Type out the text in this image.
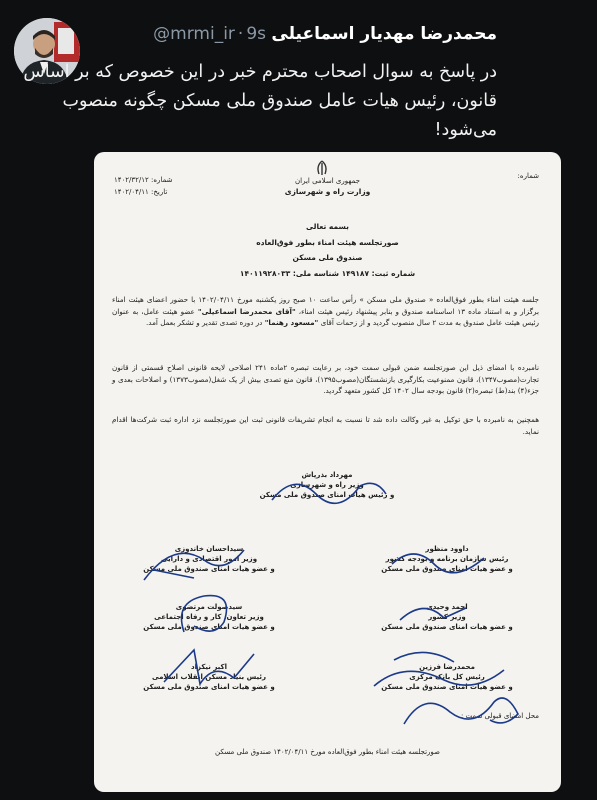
محمدرضا مهدیار اسماعیلی @mrmi_ir · 9s
در پاسخ به سوال اصحاب محترم خبر در این خصوص که بر اساس قانون، رئیس هیات عامل صندوق ملی مسکن چگونه منصوب می‌شود!
شماره:
شماره: ۱۴۰۲/۳۲/۱۲
تاریخ: ۱۴۰۲/۰۴/۱۱
جمهوری اسلامی ایران
وزارت راه و شهرسازی
بسمه تعالی
صورتجلسه هیئت امناء بطور فوق‌العاده
صندوق ملی مسکن
شماره ثبت: ۱۴۹۱۸۷ شناسه ملی: ۱۴۰۱۱۹۲۸۰۳۳
جلسه هیئت امناء بطور فوق‌العاده « صندوق ملی مسکن » رأس ساعت ۱۰ صبح روز یکشنبه مورخ ۱۴۰۲/۰۴/۱۱ با حضور اعضای هیئت امناء برگزار و به استناد ماده ۱۳ اساسنامه صندوق و بنابر پیشنهاد رئیس هیئت امناء، "آقای محمدرضا اسماعیلی" عضو هیئت عامل، به عنوان رئیس هیئت عامل صندوق به مدت ۲ سال منصوب گردید و از زحمات آقای "مسعود رهنما" در دوره تصدی تقدیر و تشکر بعمل آمد.
نامبرده با امضای ذیل این صورتجلسه ضمن قبولی سمت خود، بر رعایت تبصره ۲ماده ۲۴۱ اصلاحی لایحه قانونی اصلاح قسمتی از قانون تجارت(مصوب۱۳۴۷)، قانون ممنوعیت بکارگیری بازنشستگان(مصوب۱۳۹۵)، قانون منع تصدی بیش از یک شغل(مصوب۱۳۷۳) و اصلاحات بعدی و جزء(۴) بند(ط) تبصره(۲) قانون بودجه سال ۱۴۰۲ کل کشور متعهد گردید.
همچنین به نامبرده با حق توکیل به غیر وکالت داده شد تا نسبت به انجام تشریفات قانونی ثبت این صورتجلسه نزد اداره ثبت شرکت‌ها اقدام نماید.
مهرداد بذرپاش
وزیر راه و شهرسازی
و رئیس هیات امنای صندوق ملی مسکن
سیداحسان خاندوزی
وزیر امور اقتصادی و دارایی
و عضو هیات امنای صندوق ملی مسکن
داوود منظور
رئیس سازمان برنامه و بودجه کشور
و عضو هیات امنای صندوق ملی مسکن
سیدصولت مرتضوی
وزیر تعاون، کار و رفاه اجتماعی
و عضو هیات امنای صندوق ملی مسکن
احمد وحیدی
وزیر کشور
و عضو هیات امنای صندوق ملی مسکن
اکبر نیکزاد
رئیس بنیاد مسکن انقلاب اسلامی
و عضو هیات امنای صندوق ملی مسکن
محمدرضا فرزین
رئیس کل بانک مرکزی
و عضو هیات امنای صندوق ملی مسکن
محل امضای قبولی سمت :
صورتجلسه هیئت امناء بطور فوق‌العاده مورخ ۱۴۰۲/۰۴/۱۱ صندوق ملی مسکن
